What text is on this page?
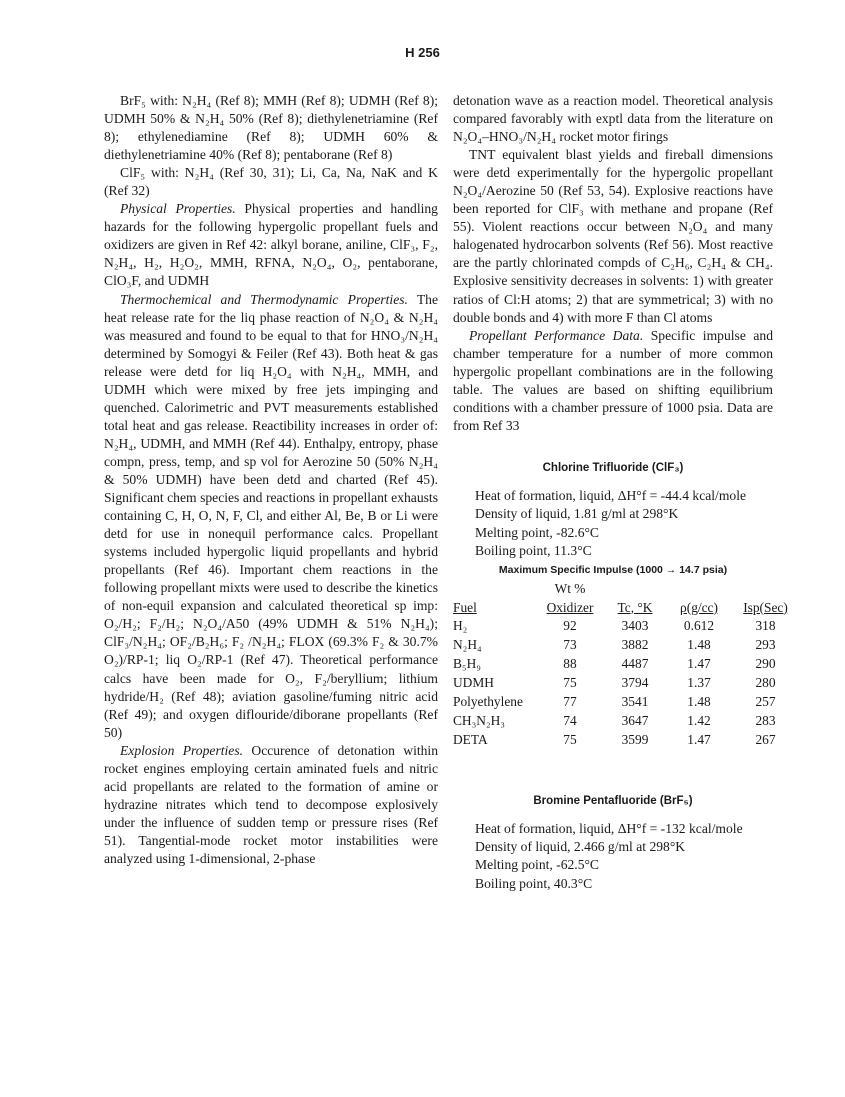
H 256

BrF₅ with: N₂H₄ (Ref 8); MMH (Ref 8); UDMH (Ref 8); UDMH 50% & N₂H₄ 50% (Ref 8); diethylenetriamine (Ref 8); ethylenediamine (Ref 8); UDMH 60% & diethylenetriamine 40% (Ref 8); pentaborane (Ref 8)

ClF₅ with: N₂H₄ (Ref 30, 31); Li, Ca, Na, NaK and K (Ref 32)

Physical Properties. Physical properties and handling hazards for the following hypergolic propellant fuels and oxidizers are given in Ref 42: alkyl borane, aniline, ClF₃, F₂, N₂H₄, H₂, H₂O₂, MMH, RFNA, N₂O₄, O₂, pentaborane, ClO₃F, and UDMH

Thermochemical and Thermodynamic Properties. The heat release rate for the liq phase reaction of N₂O₄ & N₂H₄ was measured and found to be equal to that for HNO₃/N₂H₄ determined by Somogyi & Feiler (Ref 43). Both heat & gas release were detd for liq H₂O₄ with N₂H₄, MMH, and UDMH which were mixed by free jets impinging and quenched. Calorimetric and PVT measurements established total heat and gas release. Reactibility increases in order of: N₂H₄, UDMH, and MMH (Ref 44). Enthalpy, entropy, phase compn, press, temp, and sp vol for Aerozine 50 (50% N₂H₄ & 50% UDMH) have been detd and charted (Ref 45). Significant chem species and reactions in propellant exhausts containing C, H, O, N, F, Cl, and either Al, Be, B or Li were detd for use in nonequil performance calcs. Propellant systems included hypergolic liquid propellants and hybrid propellants (Ref 46). Important chem reactions in the following propellant mixts were used to describe the kinetics of non-equil expansion and calculated theoretical sp imp: O₂/H₂; F₂/H₂; N₂O₄/A50 (49% UDMH & 51% N₂H₄); ClF₃/N₂H₄; OF₂/B₂H₆; F₂ /N₂H₄; FLOX (69.3% F₂ & 30.7% O₂)/RP-1; liq O₂/RP-1 (Ref 47). Theoretical performance calcs have been made for O₂, F₂/beryllium; lithium hydride/H₂ (Ref 48); aviation gasoline/fuming nitric acid (Ref 49); and oxygen diflouride/diborane propellants (Ref 50)

Explosion Properties. Occurence of detonation within rocket engines employing certain aminated fuels and nitric acid propellants are related to the formation of amine or hydrazine nitrates which tend to decompose explosively under the influence of sudden temp or pressure rises (Ref 51). Tangential-mode rocket motor instabilities were analyzed using 1-dimensional, 2-phase

detonation wave as a reaction model. Theoretical analysis compared favorably with exptl data from the literature on N₂O₄–HNO₃/N₂H₄ rocket motor firings

TNT equivalent blast yields and fireball dimensions were detd experimentally for the hypergolic propellant N₂O₄/Aerozine 50 (Ref 53, 54). Explosive reactions have been reported for ClF₃ with methane and propane (Ref 55). Violent reactions occur between N₂O₄ and many halogenated hydrocarbon solvents (Ref 56). Most reactive are the partly chlorinated compds of C₂H₆, C₂H₄ & CH₄. Explosive sensitivity decreases in solvents: 1) with greater ratios of Cl:H atoms; 2) that are symmetrical; 3) with no double bonds and 4) with more F than Cl atoms

Propellant Performance Data. Specific impulse and chamber temperature for a number of more common hypergolic propellant combinations are in the following table. The values are based on shifting equilibrium conditions with a chamber pressure of 1000 psia. Data are from Ref 33

Chlorine Trifluoride (ClF₃)

Heat of formation, liquid, ΔH°f = -44.4 kcal/mole

Density of liquid, 1.81 g/ml at 298°K

Melting point, -82.6°C

Boiling point, 11.3°C

Maximum Specific Impulse (1000 → 14.7 psia)

	Wt %			
Fuel	Oxidizer	Tc, °K	ρ(g/cc)	Isp(Sec)
H₂	92	3403	0.612	318
N₂H₄	73	3882	1.48	293
B₅H₉	88	4487	1.47	290
UDMH	75	3794	1.37	280
Polyethylene	77	3541	1.48	257
CH₃N₂H₃	74	3647	1.42	283
DETA	75	3599	1.47	267

Bromine Pentafluoride (BrF₅)

Heat of formation, liquid, ΔH°f = -132 kcal/mole

Density of liquid, 2.466 g/ml at 298°K

Melting point, -62.5°C

Boiling point, 40.3°C
